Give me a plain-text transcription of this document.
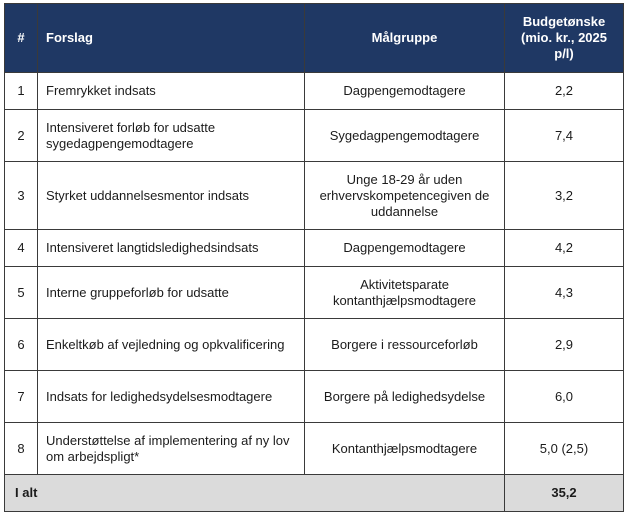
#	Forslag	Målgruppe	Budgetønske (mio. kr., 2025 p/l)
1	Fremrykket indsats	Dagpengemodtagere	2,2
2	Intensiveret forløb for udsatte sygedagpengemodtagere	Sygedagpengemodtagere	7,4
3	Styrket uddannelsesmentor indsats	Unge 18-29 år uden erhvervskompetencegiven de uddannelse	3,2
4	Intensiveret langtidsledighedsindsats	Dagpengemodtagere	4,2
5	Interne gruppeforløb for udsatte	Aktivitetsparate kontanthjælpsmodtagere	4,3
6	Enkeltkøb af vejledning og opkvalificering	Borgere i ressourceforløb	2,9
7	Indsats for ledighedsydelsesmodtagere	Borgere på ledighedsydelse	6,0
8	Understøttelse af implementering af ny lov om arbejdspligt*	Kontanthjælpsmodtagere	5,0 (2,5)
I alt			35,2
